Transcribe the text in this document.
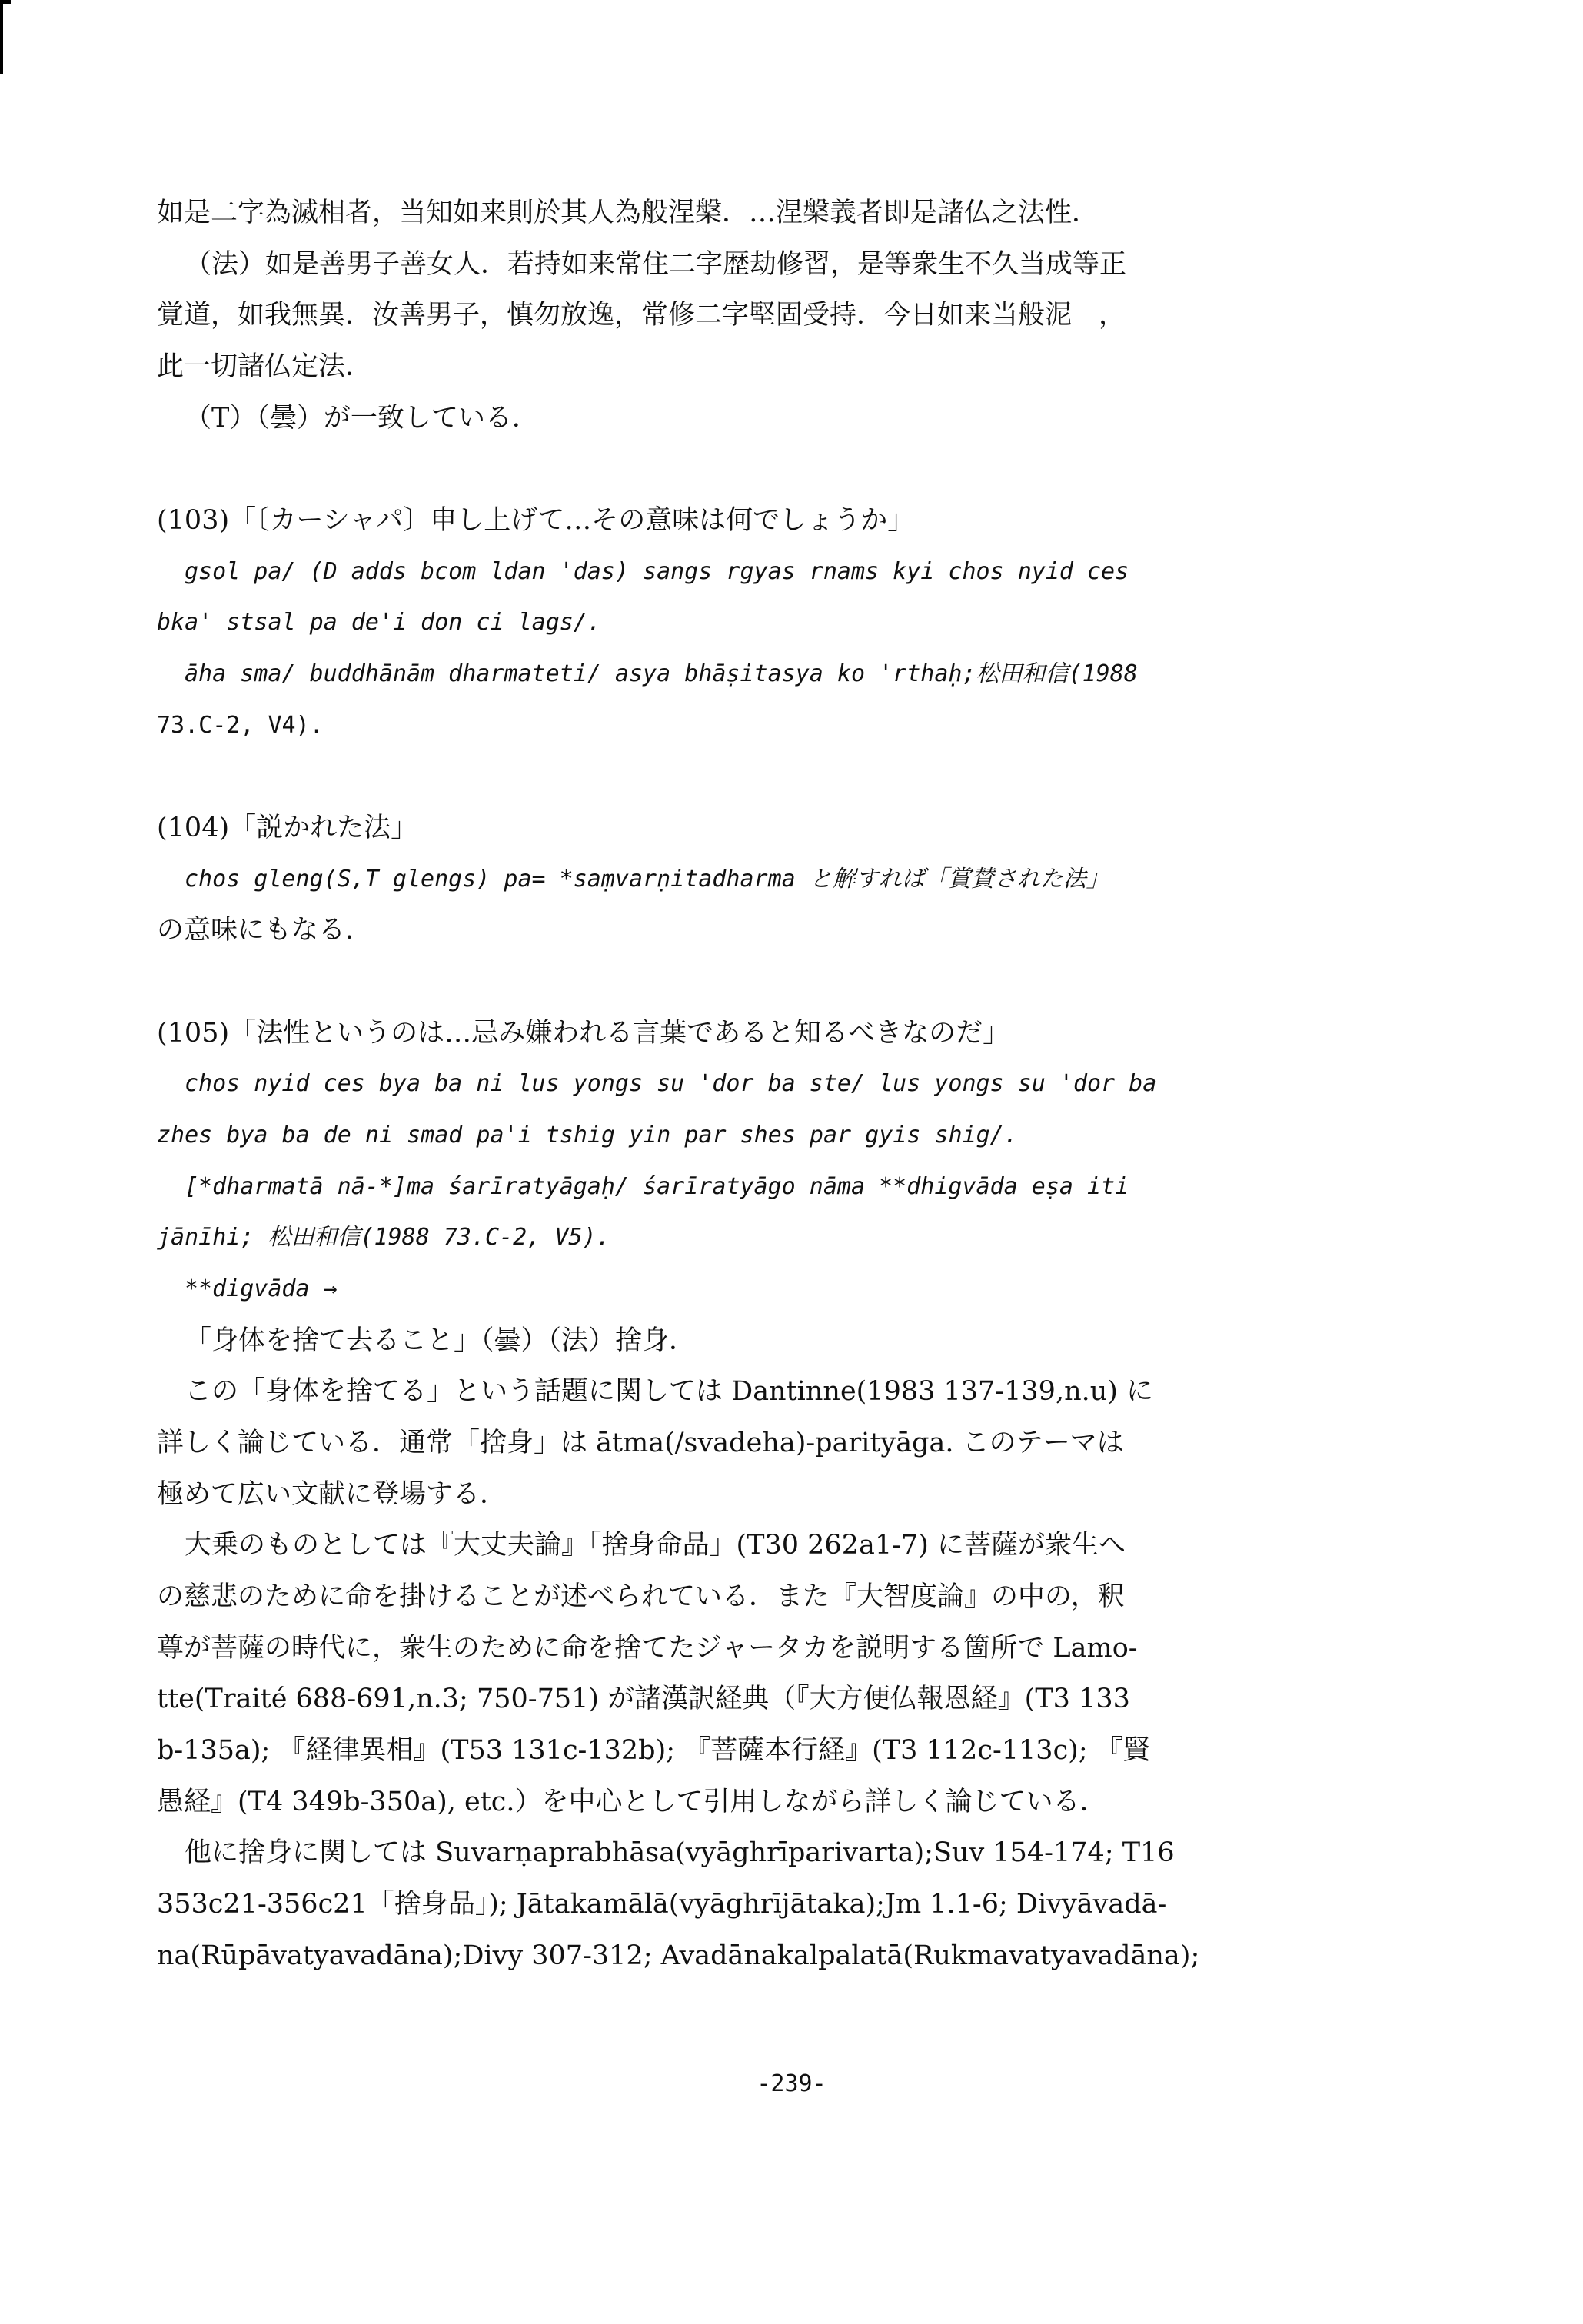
如是二字為滅相者，当知如来則於其人為般涅槃．…涅槃義者即是諸仏之法性．
（法）如是善男子善女人．若持如来常住二字歴劫修習，是等衆生不久当成等正
覚道，如我無異．汝善男子，慎勿放逸，常修二字堅固受持．今日如来当般泥　，
此一切諸仏定法．
（T）（曇）が一致している．
(103)「〔カーシャパ〕申し上げて…その意味は何でしょうか」
gsol pa/ (D adds bcom ldan 'das) sangs rgyas rnams kyi chos nyid ces
bka' stsal pa de'i don ci lags/.
āha sma/ buddhānām dharmateti/ asya bhāṣitasya ko 'rthaḥ;松田和信(1988
73.C-2, V4).
(104)「説かれた法」
chos gleng(S,T glengs) pa= *saṃvarṇitadharma と解すれば「賞賛された法」
の意味にもなる．
(105)「法性というのは…忌み嫌われる言葉であると知るべきなのだ」
chos nyid ces bya ba ni lus yongs su 'dor ba ste/ lus yongs su 'dor ba
zhes bya ba de ni smad pa'i tshig yin par shes par gyis shig/.
[*dharmatā nā-*]ma śarīratyāgaḥ/ śarīratyāgo nāma **dhigvāda eṣa iti
jānīhi; 松田和信(1988 73.C-2, V5).
**digvāda →
「身体を捨て去ること」（曇）（法）捨身．
この「身体を捨てる」という話題に関しては Dantinne(1983 137-139,n.u) に
詳しく論じている．通常「捨身」は ātma(/svadeha)-parityāga. このテーマは
極めて広い文献に登場する．
大乗のものとしては『大丈夫論』「捨身命品」(T30 262a1-7) に菩薩が衆生へ
の慈悲のために命を掛けることが述べられている．また『大智度論』の中の，釈
尊が菩薩の時代に，衆生のために命を捨てたジャータカを説明する箇所で Lamo-
tte(Traité 688-691,n.3; 750-751) が諸漢訳経典（『大方便仏報恩経』(T3 133
b-135a); 『経律異相』(T53 131c-132b); 『菩薩本行経』(T3 112c-113c); 『賢
愚経』(T4 349b-350a), etc.）を中心として引用しながら詳しく論じている．
他に捨身に関しては Suvarṇaprabhāsa(vyāghrīparivarta);Suv 154-174; T16
353c21-356c21「捨身品」); Jātakamālā(vyāghrījātaka);Jm 1.1-6; Divyāvadā-
na(Rūpāvatyavadāna);Divy 307-312; Avadānakalpalatā(Rukmavatyavadāna);
-239-
